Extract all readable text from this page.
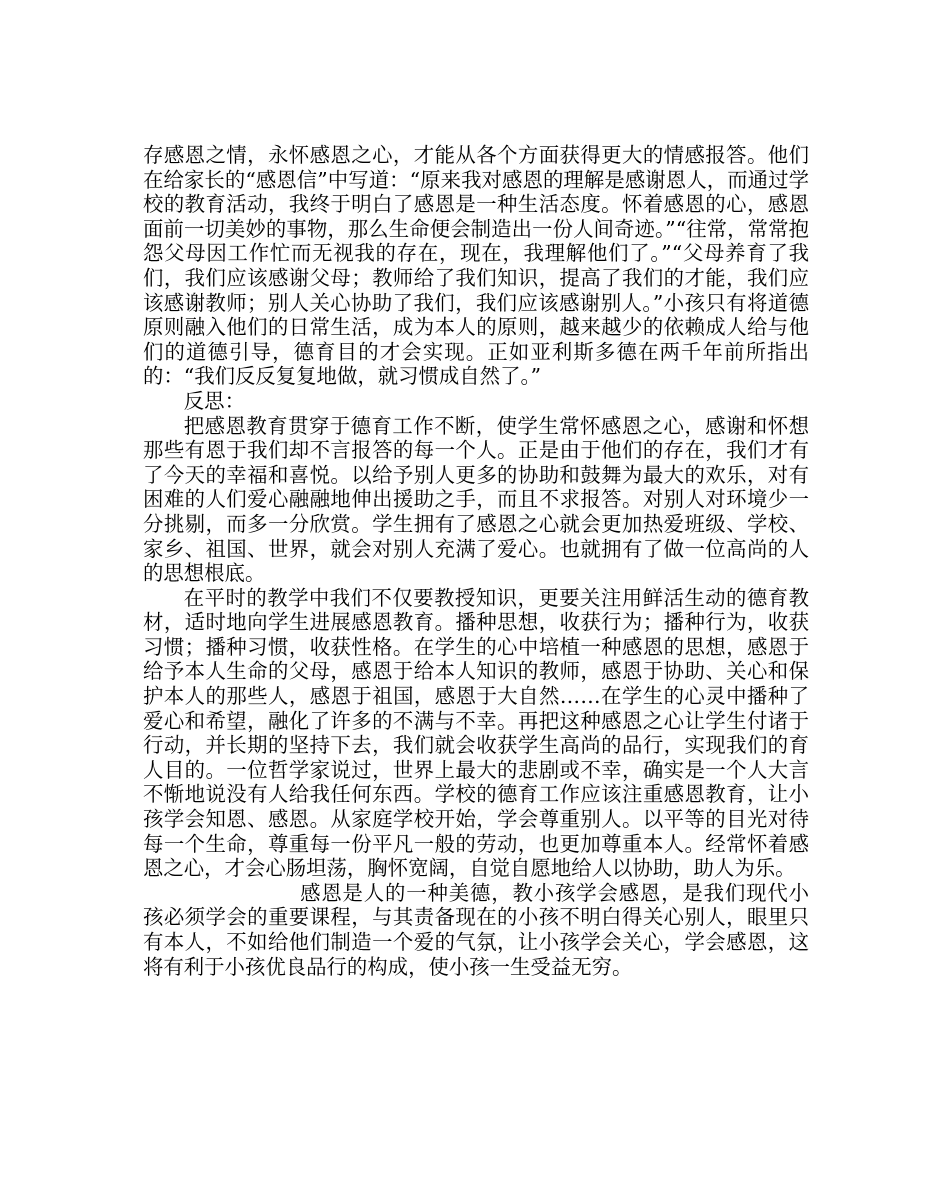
存感恩之情，永怀感恩之心，才能从各个方面获得更大的情感报答。他们在给家长的“感恩信”中写道：“原来我对感恩的理解是感谢恩人，而通过学校的教育活动，我终于明白了感恩是一种生活态度。怀着感恩的心，感恩面前一切美妙的事物，那么生命便会制造出一份人间奇迹。”“往常，常常抱怨父母因工作忙而无视我的存在，现在，我理解他们了。”“父母养育了我们，我们应该感谢父母；教师给了我们知识，提高了我们的才能，我们应该感谢教师；别人关心协助了我们，我们应该感谢别人。”小孩只有将道德原则融入他们的日常生活，成为本人的原则，越来越少的依赖成人给与他们的道德引导，德育目的才会实现。正如亚利斯多德在两千年前所指出的：“我们反反复复地做，就习惯成自然了。”

反思：

把感恩教育贯穿于德育工作不断，使学生常怀感恩之心，感谢和怀想那些有恩于我们却不言报答的每一个人。正是由于他们的存在，我们才有了今天的幸福和喜悦。以给予别人更多的协助和鼓舞为最大的欢乐，对有困难的人们爱心融融地伸出援助之手，而且不求报答。对别人对环境少一分挑剔，而多一分欣赏。学生拥有了感恩之心就会更加热爱班级、学校、家乡、祖国、世界，就会对别人充满了爱心。也就拥有了做一位高尚的人的思想根底。

在平时的教学中我们不仅要教授知识，更要关注用鲜活生动的德育教材，适时地向学生进展感恩教育。播种思想，收获行为；播种行为，收获习惯；播种习惯，收获性格。在学生的心中培植一种感恩的思想，感恩于给予本人生命的父母，感恩于给本人知识的教师，感恩于协助、关心和保护本人的那些人，感恩于祖国，感恩于大自然……在学生的心灵中播种了爱心和希望，融化了许多的不满与不幸。再把这种感恩之心让学生付诸于行动，并长期的坚持下去，我们就会收获学生高尚的品行，实现我们的育人目的。一位哲学家说过，世界上最大的悲剧或不幸，确实是一个人大言不惭地说没有人给我任何东西。学校的德育工作应该注重感恩教育，让小孩学会知恩、感恩。从家庭学校开始，学会尊重别人。以平等的目光对待每一个生命，尊重每一份平凡一般的劳动，也更加尊重本人。经常怀着感恩之心，才会心肠坦荡，胸怀宽阔，自觉自愿地给人以协助，助人为乐。

感恩是人的一种美德，教小孩学会感恩，是我们现代小孩必须学会的重要课程，与其责备现在的小孩不明白得关心别人，眼里只有本人，不如给他们制造一个爱的气氛，让小孩学会关心，学会感恩，这将有利于小孩优良品行的构成，使小孩一生受益无穷。
